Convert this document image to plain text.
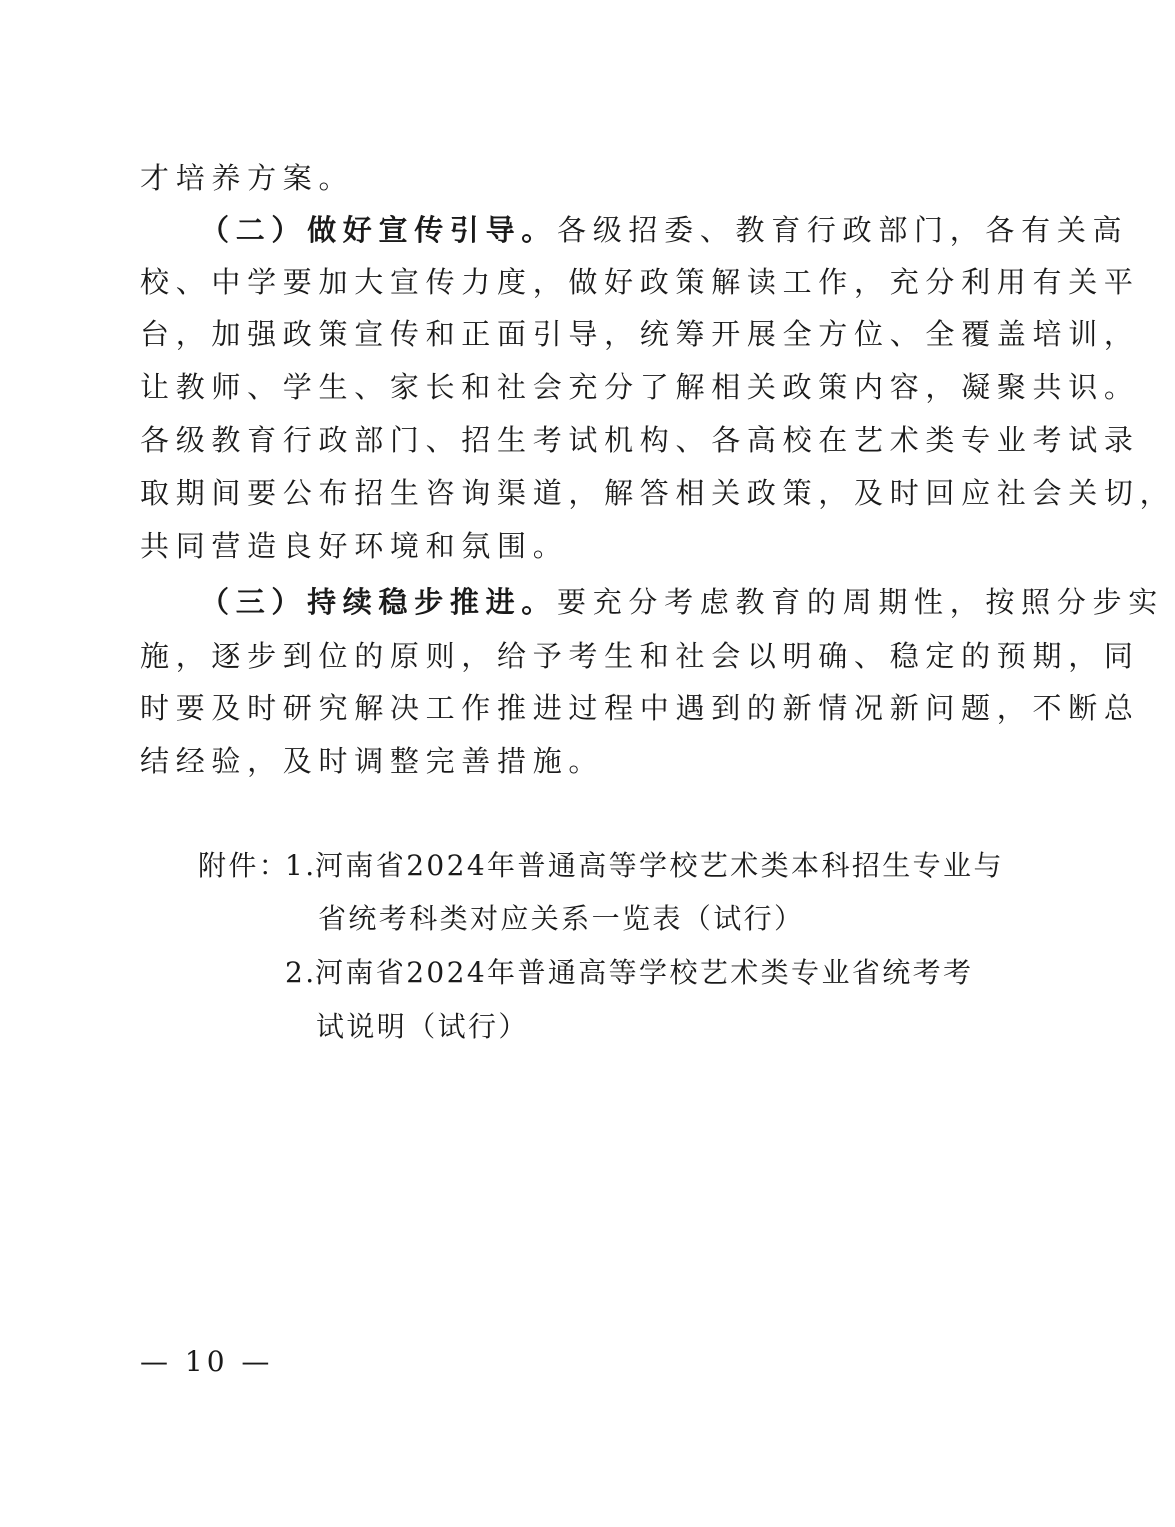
才培养方案。
（二）做好宣传引导。各级招委、教育行政部门，各有关高
校、中学要加大宣传力度，做好政策解读工作，充分利用有关平
台，加强政策宣传和正面引导，统筹开展全方位、全覆盖培训，
让教师、学生、家长和社会充分了解相关政策内容，凝聚共识。
各级教育行政部门、招生考试机构、各高校在艺术类专业考试录
取期间要公布招生咨询渠道，解答相关政策，及时回应社会关切，
共同营造良好环境和氛围。
（三）持续稳步推进。要充分考虑教育的周期性，按照分步实
施，逐步到位的原则，给予考生和社会以明确、稳定的预期，同
时要及时研究解决工作推进过程中遇到的新情况新问题，不断总
结经验，及时调整完善措施。
附件：
1.
河南省2024年普通高等学校艺术类本科招生专业与
省统考科类对应关系一览表（试行）
2.
河南省2024年普通高等学校艺术类专业省统考考
试说明（试行）
— 10 —
